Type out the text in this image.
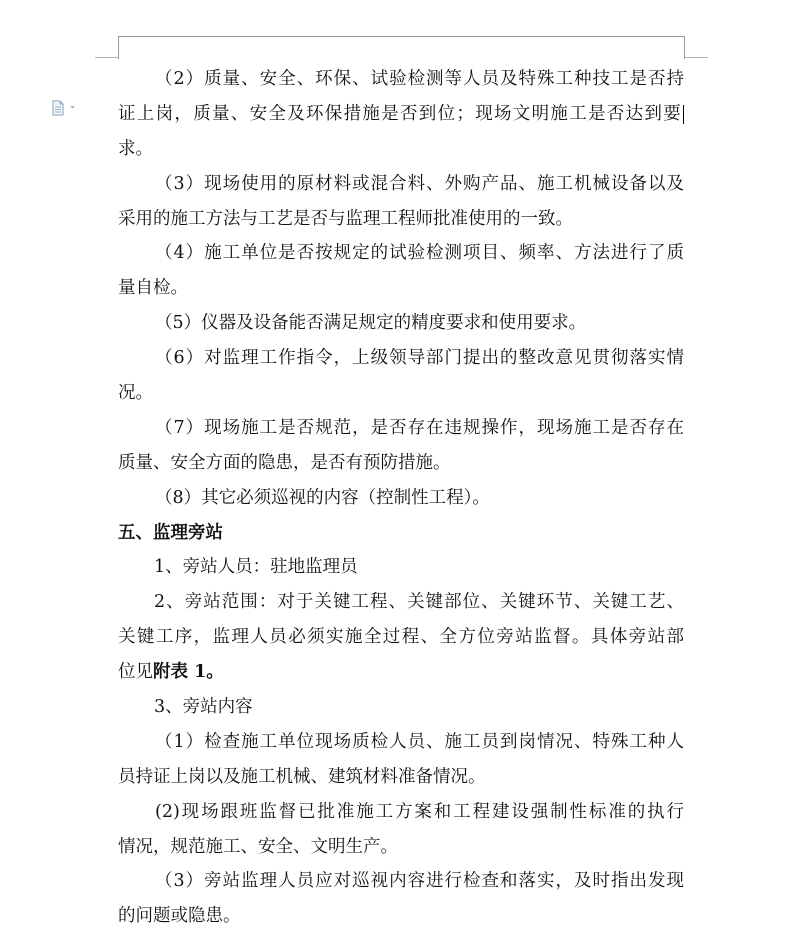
（2）质量、安全、环保、试验检测等人员及特殊工种技工是否持
证上岗，质量、安全及环保措施是否到位；现场文明施工是否达到要
求。
（3）现场使用的原材料或混合料、外购产品、施工机械设备以及
采用的施工方法与工艺是否与监理工程师批准使用的一致。
（4）施工单位是否按规定的试验检测项目、频率、方法进行了质
量自检。
（5）仪器及设备能否满足规定的精度要求和使用要求。
（6）对监理工作指令，上级领导部门提出的整改意见贯彻落实情
况。
（7）现场施工是否规范，是否存在违规操作，现场施工是否存在
质量、安全方面的隐患，是否有预防措施。
（8）其它必须巡视的内容（控制性工程）。
五、监理旁站
1、旁站人员：驻地监理员
2、旁站范围：对于关键工程、关键部位、关键环节、关键工艺、
关键工序，监理人员必须实施全过程、全方位旁站监督。具体旁站部
位见附表 1。
3、旁站内容
（1）检查施工单位现场质检人员、施工员到岗情况、特殊工种人
员持证上岗以及施工机械、建筑材料准备情况。
(2)现场跟班监督已批准施工方案和工程建设强制性标准的执行
情况，规范施工、安全、文明生产。
（3）旁站监理人员应对巡视内容进行检查和落实，及时指出发现
的问题或隐患。
